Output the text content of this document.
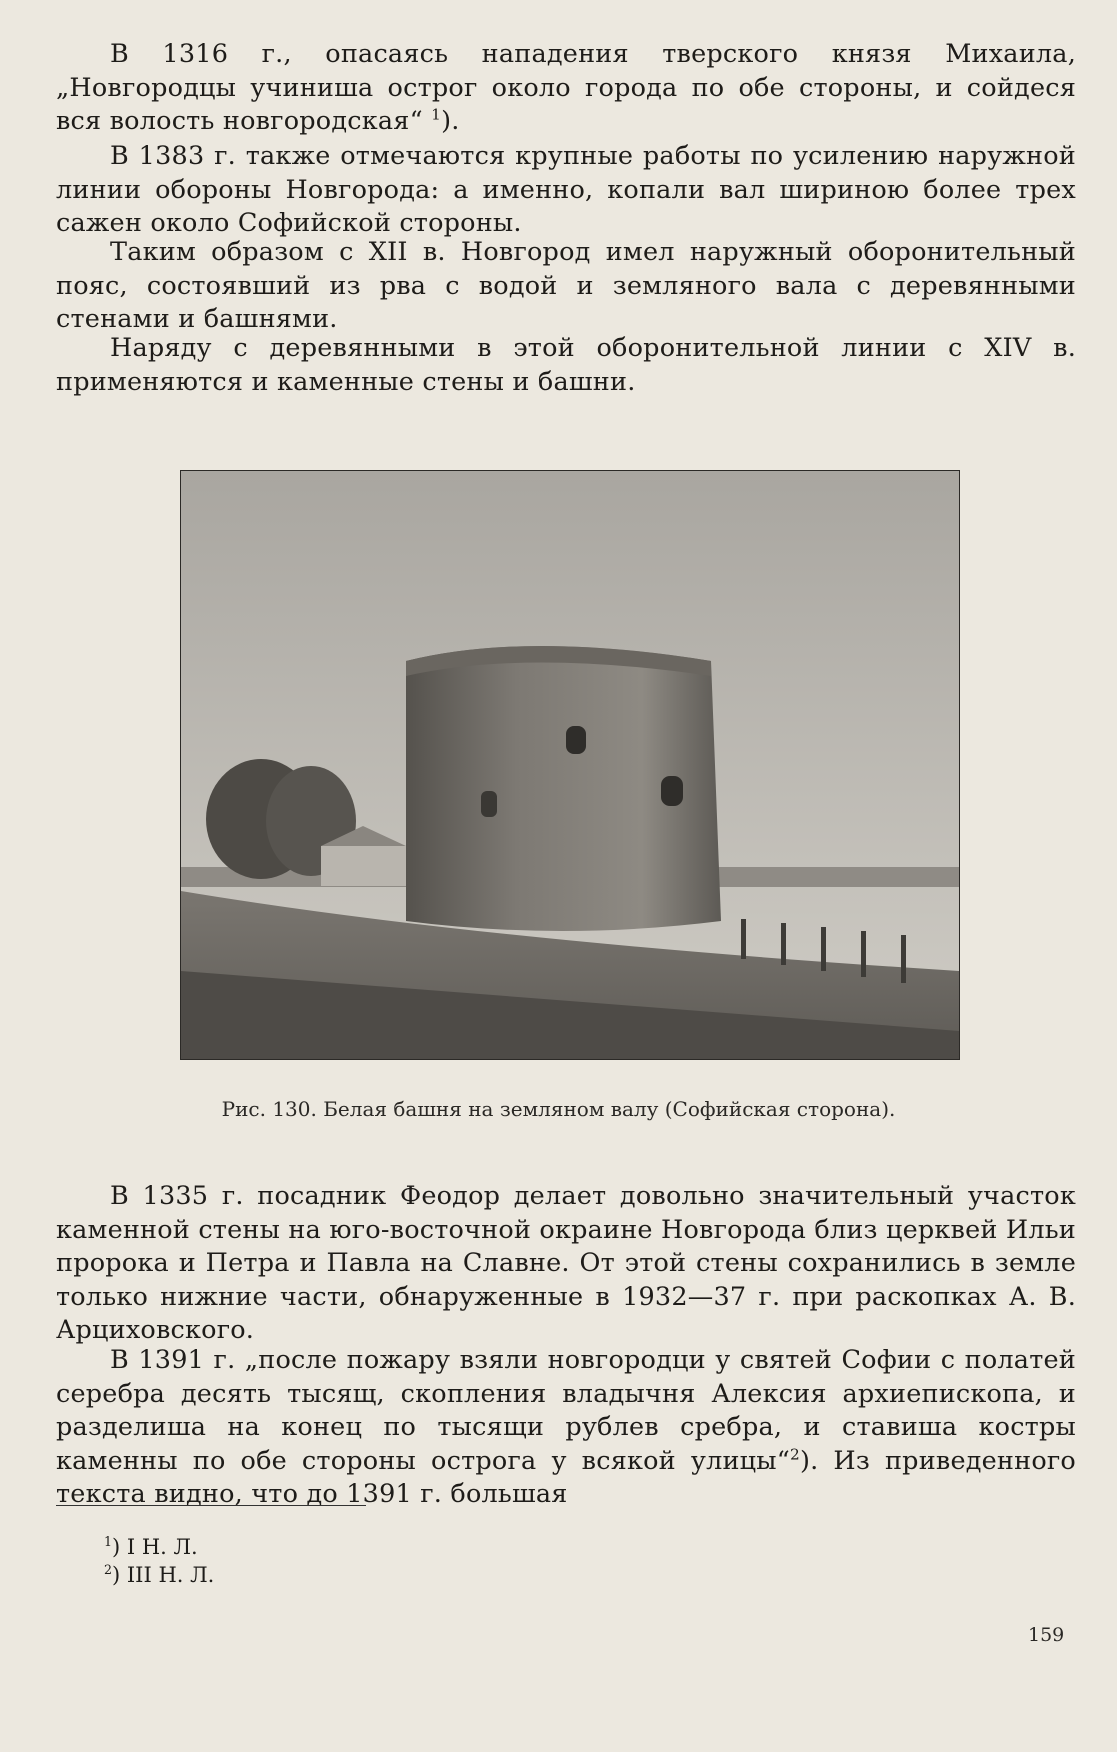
В 1316 г., опасаясь нападения тверского князя Михаила, „Новгородцы учиниша острог около города по обе стороны, и сойдеся вся волость новгородская“ $^1$).

В 1383 г. также отмечаются крупные работы по усилению наружной линии обороны Новгорода: а именно, копали вал шириною более трех сажен около Софийской стороны.

Таким образом с XII в. Новгород имел наружный оборонительный пояс, состоявший из рва с водой и земляного вала с деревянными стенами и башнями.

Наряду с деревянными в этой оборонительной линии с XIV в. применяются и каменные стены и башни.

Рис. 130. Белая башня на земляном валу (Софийская сторона).

В 1335 г. посадник Феодор делает довольно значительный участок каменной стены на юго-восточной окраине Новгорода близ церквей Ильи пророка и Петра и Павла на Славне. От этой стены сохранились в земле только нижние части, обнаруженные в 1932—37 г. при раскопках А. В. Арциховского.

В 1391 г. „после пожару взяли новгородци у святей Софии с полатей серебра десять тысящ, скопления владычня Алексия архиепископа, и разделиша на конец по тысящи рублев сребра, и ставиша костры каменны по обе стороны острога у всякой улицы“$^2$). Из приведенного текста видно, что до 1391 г. большая

$^1$) I Н. Л.
$^2$) III Н. Л.
159
